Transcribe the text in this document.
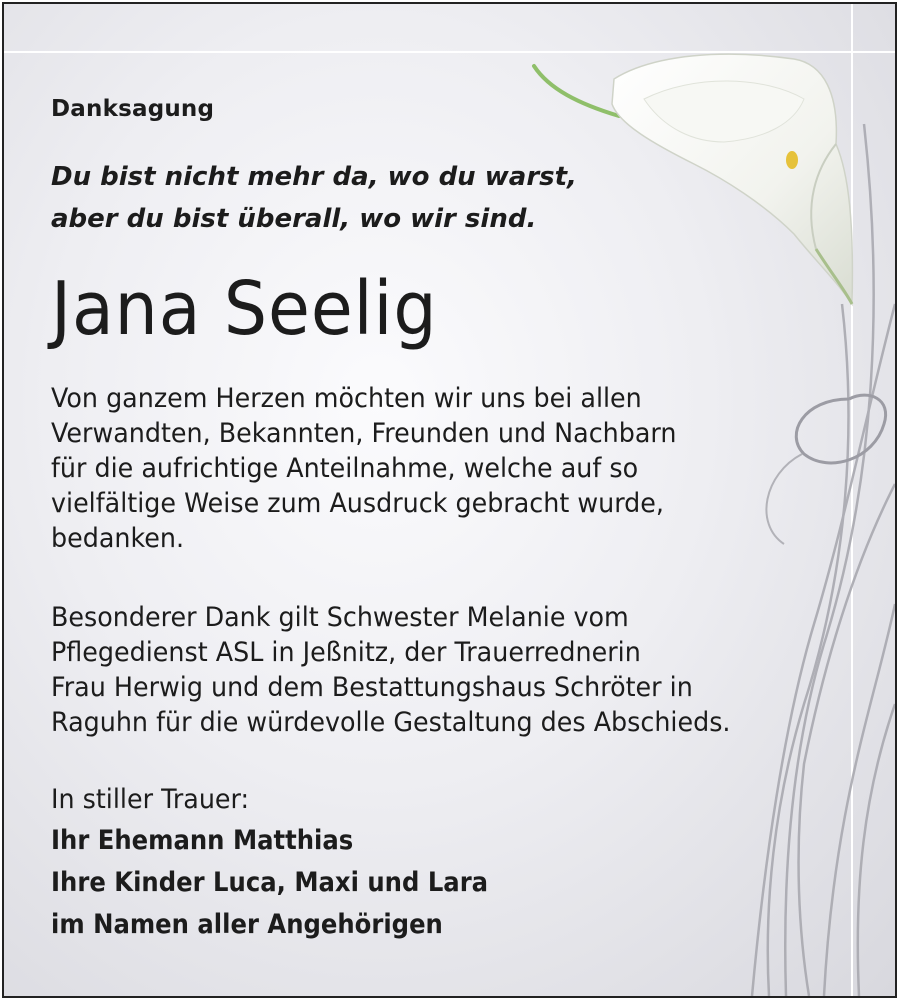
Danksagung
Du bist nicht mehr da, wo du warst,
aber du bist überall, wo wir sind.
Jana Seelig
Von ganzem Herzen möchten wir uns bei allen
Verwandten, Bekannten, Freunden und Nachbarn
für die aufrichtige Anteilnahme, welche auf so
vielfältige Weise zum Ausdruck gebracht wurde,
bedanken.
Besonderer Dank gilt Schwester Melanie vom
Pflegedienst ASL in Jeßnitz, der Trauerrednerin
Frau Herwig und dem Bestattungshaus Schröter in
Raguhn für die würdevolle Gestaltung des Abschieds.
In stiller Trauer:
Ihr Ehemann Matthias
Ihre Kinder Luca, Maxi und Lara
im Namen aller Angehörigen
